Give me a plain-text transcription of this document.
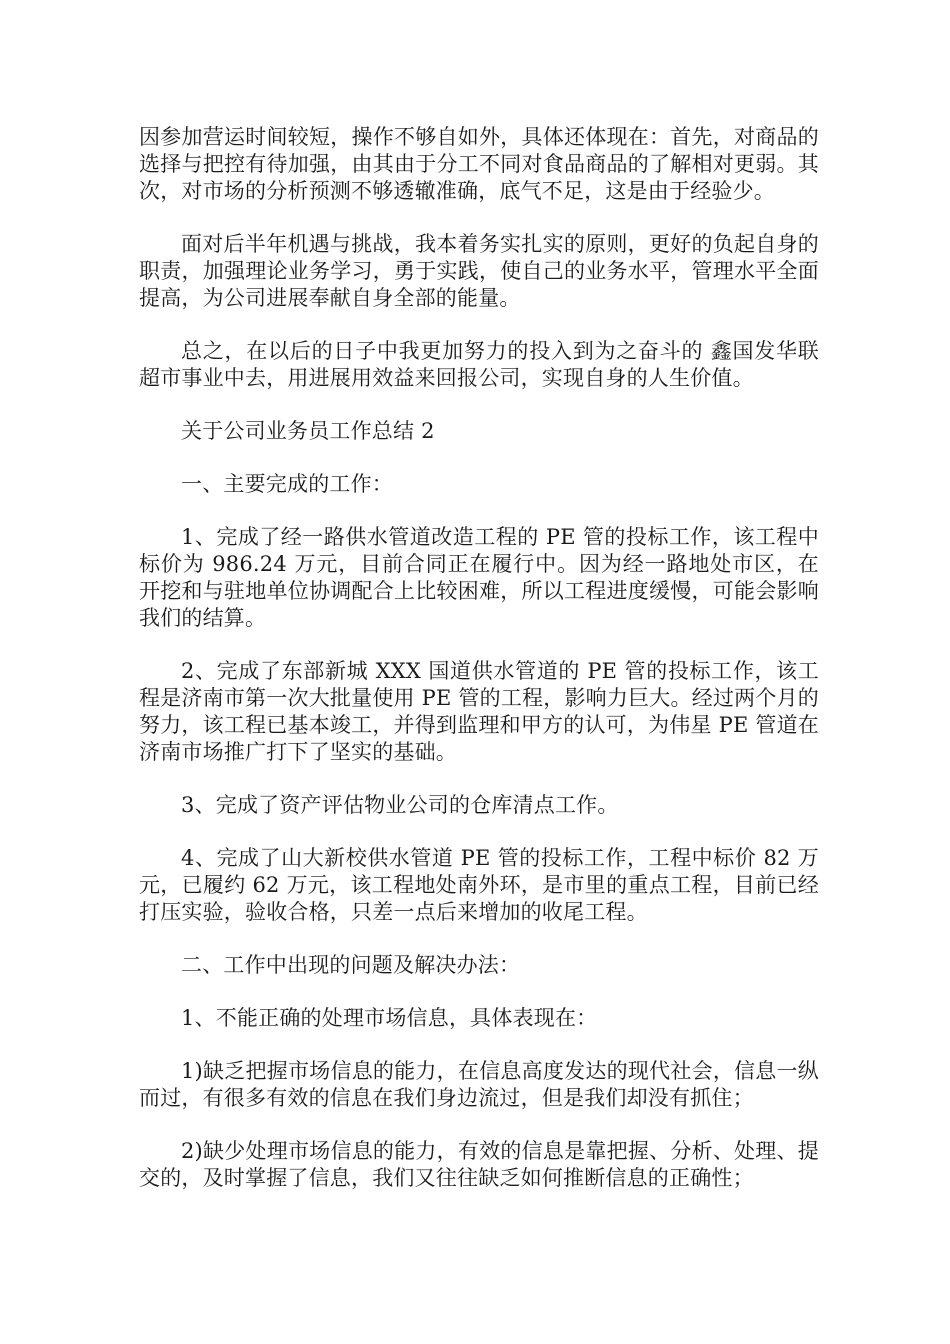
因参加营运时间较短，操作不够自如外，具体还体现在：首先，对商品的选择与把控有待加强，由其由于分工不同对食品商品的了解相对更弱。其次，对市场的分析预测不够透辙准确，底气不足，这是由于经验少。

面对后半年机遇与挑战，我本着务实扎实的原则，更好的负起自身的职责，加强理论业务学习，勇于实践，使自己的业务水平，管理水平全面提高，为公司进展奉献自身全部的能量。

总之，在以后的日子中我更加努力的投入到为之奋斗的 鑫国发华联超市事业中去，用进展用效益来回报公司，实现自身的人生价值。

关于公司业务员工作总结 2

一、主要完成的工作：

1、完成了经一路供水管道改造工程的 PE 管的投标工作，该工程中标价为 986.24 万元，目前合同正在履行中。因为经一路地处市区，在开挖和与驻地单位协调配合上比较困难，所以工程进度缓慢，可能会影响我们的结算。

2、完成了东部新城 XXX 国道供水管道的 PE 管的投标工作，该工程是济南市第一次大批量使用 PE 管的工程，影响力巨大。经过两个月的努力，该工程已基本竣工，并得到监理和甲方的认可，为伟星 PE 管道在济南市场推广打下了坚实的基础。

3、完成了资产评估物业公司的仓库清点工作。

4、完成了山大新校供水管道 PE 管的投标工作，工程中标价 82 万元，已履约 62 万元，该工程地处南外环，是市里的重点工程，目前已经打压实验，验收合格，只差一点后来增加的收尾工程。

二、工作中出现的问题及解决办法：

1、不能正确的处理市场信息，具体表现在：

1)缺乏把握市场信息的能力，在信息高度发达的现代社会，信息一纵而过，有很多有效的信息在我们身边流过，但是我们却没有抓住；

2)缺少处理市场信息的能力，有效的信息是靠把握、分析、处理、提交的，及时掌握了信息，我们又往往缺乏如何推断信息的正确性；
